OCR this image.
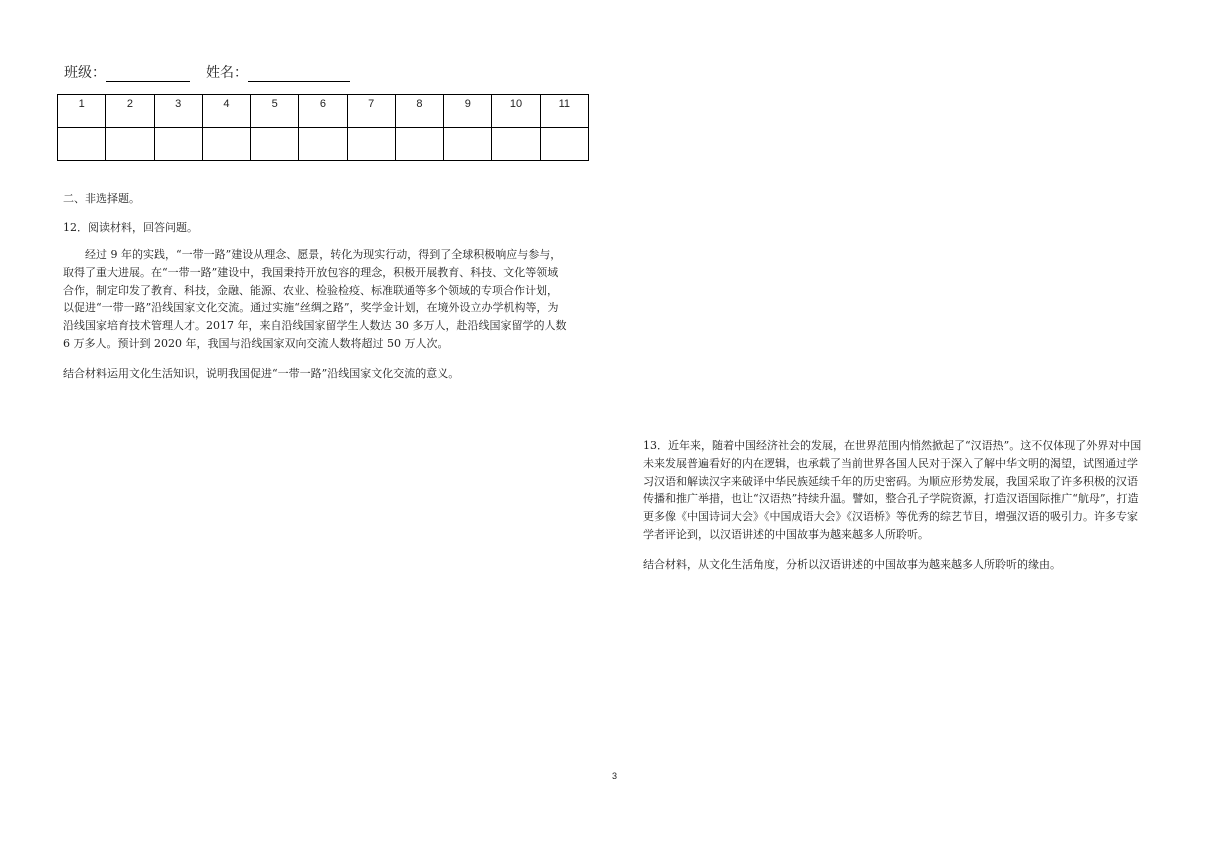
班级：	姓名：
1	2	3	4	5	6	7	8	9	10	11

二、非选择题。
12．阅读材料，回答问题。
　　经过 9 年的实践，“一带一路”建设从理念、愿景，转化为现实行动，得到了全球积极响应与参与，
取得了重大进展。在“一带一路”建设中，我国秉持开放包容的理念，积极开展教育、科技、文化等领域
合作，制定印发了教育、科技，金融、能源、农业、检验检疫、标准联通等多个领域的专项合作计划，
以促进“一带一路”沿线国家文化交流。通过实施“丝绸之路”，奖学金计划，在境外设立办学机构等，为
沿线国家培育技术管理人才。2017 年，来自沿线国家留学生人数达 30 多万人，赴沿线国家留学的人数
6 万多人。预计到 2020 年，我国与沿线国家双向交流人数将超过 50 万人次。
结合材料运用文化生活知识，说明我国促进“一带一路”沿线国家文化交流的意义。
13．近年来，随着中国经济社会的发展，在世界范围内悄然掀起了“汉语热”。这不仅体现了外界对中国
未来发展普遍看好的内在逻辑，也承载了当前世界各国人民对于深入了解中华文明的渴望，试图通过学
习汉语和解读汉字来破译中华民族延续千年的历史密码。为顺应形势发展，我国采取了许多积极的汉语
传播和推广举措，也让“汉语热”持续升温。譬如，整合孔子学院资源，打造汉语国际推广“航母”，打造
更多像《中国诗词大会》《中国成语大会》《汉语桥》等优秀的综艺节目，增强汉语的吸引力。许多专家
学者评论到，以汉语讲述的中国故事为越来越多人所聆听。
结合材料，从文化生活角度，分析以汉语讲述的中国故事为越来越多人所聆听的缘由。
3
